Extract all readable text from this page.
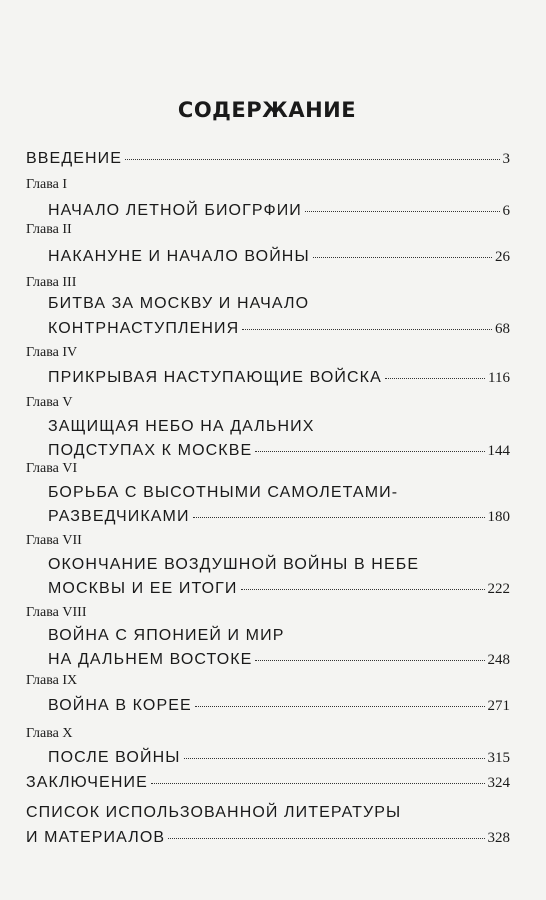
СОДЕРЖАНИЕ
ВВЕДЕНИЕ	3
Глава I
НАЧАЛО ЛЕТНОЙ БИОГРФИИ	6
Глава II
НАКАНУНЕ И НАЧАЛО ВОЙНЫ	26
Глава III
БИТВА ЗА МОСКВУ И НАЧАЛО
КОНТРНАСТУПЛЕНИЯ	68
Глава IV
ПРИКРЫВАЯ НАСТУПАЮЩИЕ ВОЙСКА	116
Глава V
ЗАЩИЩАЯ НЕБО НА ДАЛЬНИХ
ПОДСТУПАХ К МОСКВЕ	144
Глава VI
БОРЬБА С ВЫСОТНЫМИ САМОЛЕТАМИ-
РАЗВЕДЧИКАМИ	180
Глава VII
ОКОНЧАНИЕ ВОЗДУШНОЙ ВОЙНЫ В НЕБЕ
МОСКВЫ И ЕЕ ИТОГИ	222
Глава VIII
ВОЙНА С ЯПОНИЕЙ И МИР
НА ДАЛЬНЕМ ВОСТОКЕ	248
Глава IX
ВОЙНА В КОРЕЕ	271
Глава X
ПОСЛЕ ВОЙНЫ	315
ЗАКЛЮЧЕНИЕ	324
СПИСОК ИСПОЛЬЗОВАННОЙ ЛИТЕРАТУРЫ
И МАТЕРИАЛОВ	328
